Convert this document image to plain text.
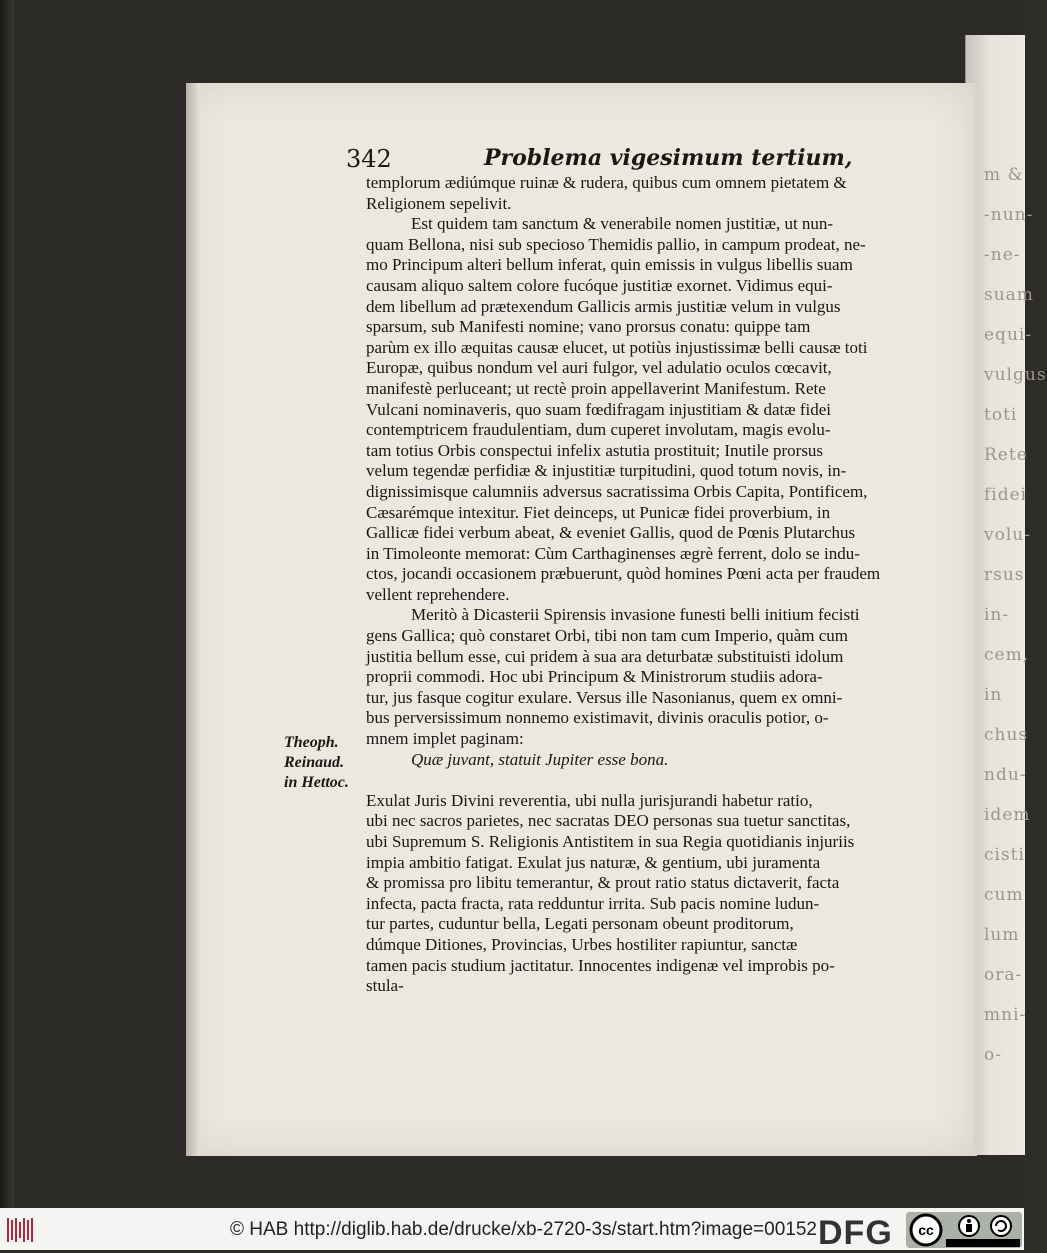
m &
-nun-
-ne-
suam
equi-
vulgus
toti
Rete
fidei
volu-
rsus
in-
cem,
in
chus
ndu-
idem
cisti
cum
lum
ora-
mni-
o-
342	Problema vigesimum tertium,
Theoph.
Reinaud.
in Hettoc.
templorum ædiúmque ruinæ & rudera, quibus cum omnem pietatem &
Religionem sepelivit.
Est quidem tam sanctum & venerabile nomen justitiæ, ut nun-
quam Bellona, nisi sub specioso Themidis pallio, in campum prodeat, ne-
mo Principum alteri bellum inferat, quin emissis in vulgus libellis suam
causam aliquo saltem colore fucóque justitiæ exornet. Vidimus equi-
dem libellum ad prætexendum Gallicis armis justitiæ velum in vulgus
sparsum, sub Manifesti nomine; vano prorsus conatu: quippe tam
parùm ex illo æquitas causæ elucet, ut potiùs injustissimæ belli causæ toti
Europæ, quibus nondum vel auri fulgor, vel adulatio oculos cœcavit,
manifestè perluceant; ut rectè proin appellaverint Manifestum. Rete
Vulcani nominaveris, quo suam fœdifragam injustitiam & datæ fidei
contemptricem fraudulentiam, dum cuperet involutam, magis evolu-
tam totius Orbis conspectui infelix astutia prostituit; Inutile prorsus
velum tegendæ perfidiæ & injustitiæ turpitudini, quod totum novis, in-
dignissimisque calumniis adversus sacratissima Orbis Capita, Pontificem,
Cæsarémque intexitur. Fiet deinceps, ut Punicæ fidei proverbium, in
Gallicæ fidei verbum abeat, & eveniet Gallis, quod de Pœnis Plutarchus
in Timoleonte memorat: Cùm Carthaginenses ægrè ferrent, dolo se indu-
ctos, jocandi occasionem præbuerunt, quòd homines Pœni acta per fraudem
vellent reprehendere.
Meritò à Dicasterii Spirensis invasione funesti belli initium fecisti
gens Gallica; quò constaret Orbi, tibi non tam cum Imperio, quàm cum
justitia bellum esse, cui pridem à sua ara deturbatæ substituisti idolum
proprii commodi. Hoc ubi Principum & Ministrorum studiis adora-
tur, jus fasque cogitur exulare. Versus ille Nasonianus, quem ex omni-
bus perversissimum nonnemo existimavit, divinis oraculis potior, o-
mnem implet paginam:
Quæ juvant, statuit Jupiter esse bona.
Exulat Juris Divini reverentia, ubi nulla jurisjurandi habetur ratio,
ubi nec sacros parietes, nec sacratas DEO personas sua tuetur sanctitas,
ubi Supremum S. Religionis Antistitem in sua Regia quotidianis injuriis
impia ambitio fatigat. Exulat jus naturæ, & gentium, ubi juramenta
& promissa pro libitu temerantur, & prout ratio status dictaverit, facta
infecta, pacta fracta, rata redduntur irrita. Sub pacis nomine ludun-
tur partes, cuduntur bella, Legati personam obeunt proditorum,
dúmque Ditiones, Provincias, Urbes hostiliter rapiuntur, sanctæ
tamen pacis studium jactitatur. Innocentes indigenæ vel improbis po-
stula-
© HAB http://diglib.hab.de/drucke/xb-2720-3s/start.htm?image=00152 DFG cc
